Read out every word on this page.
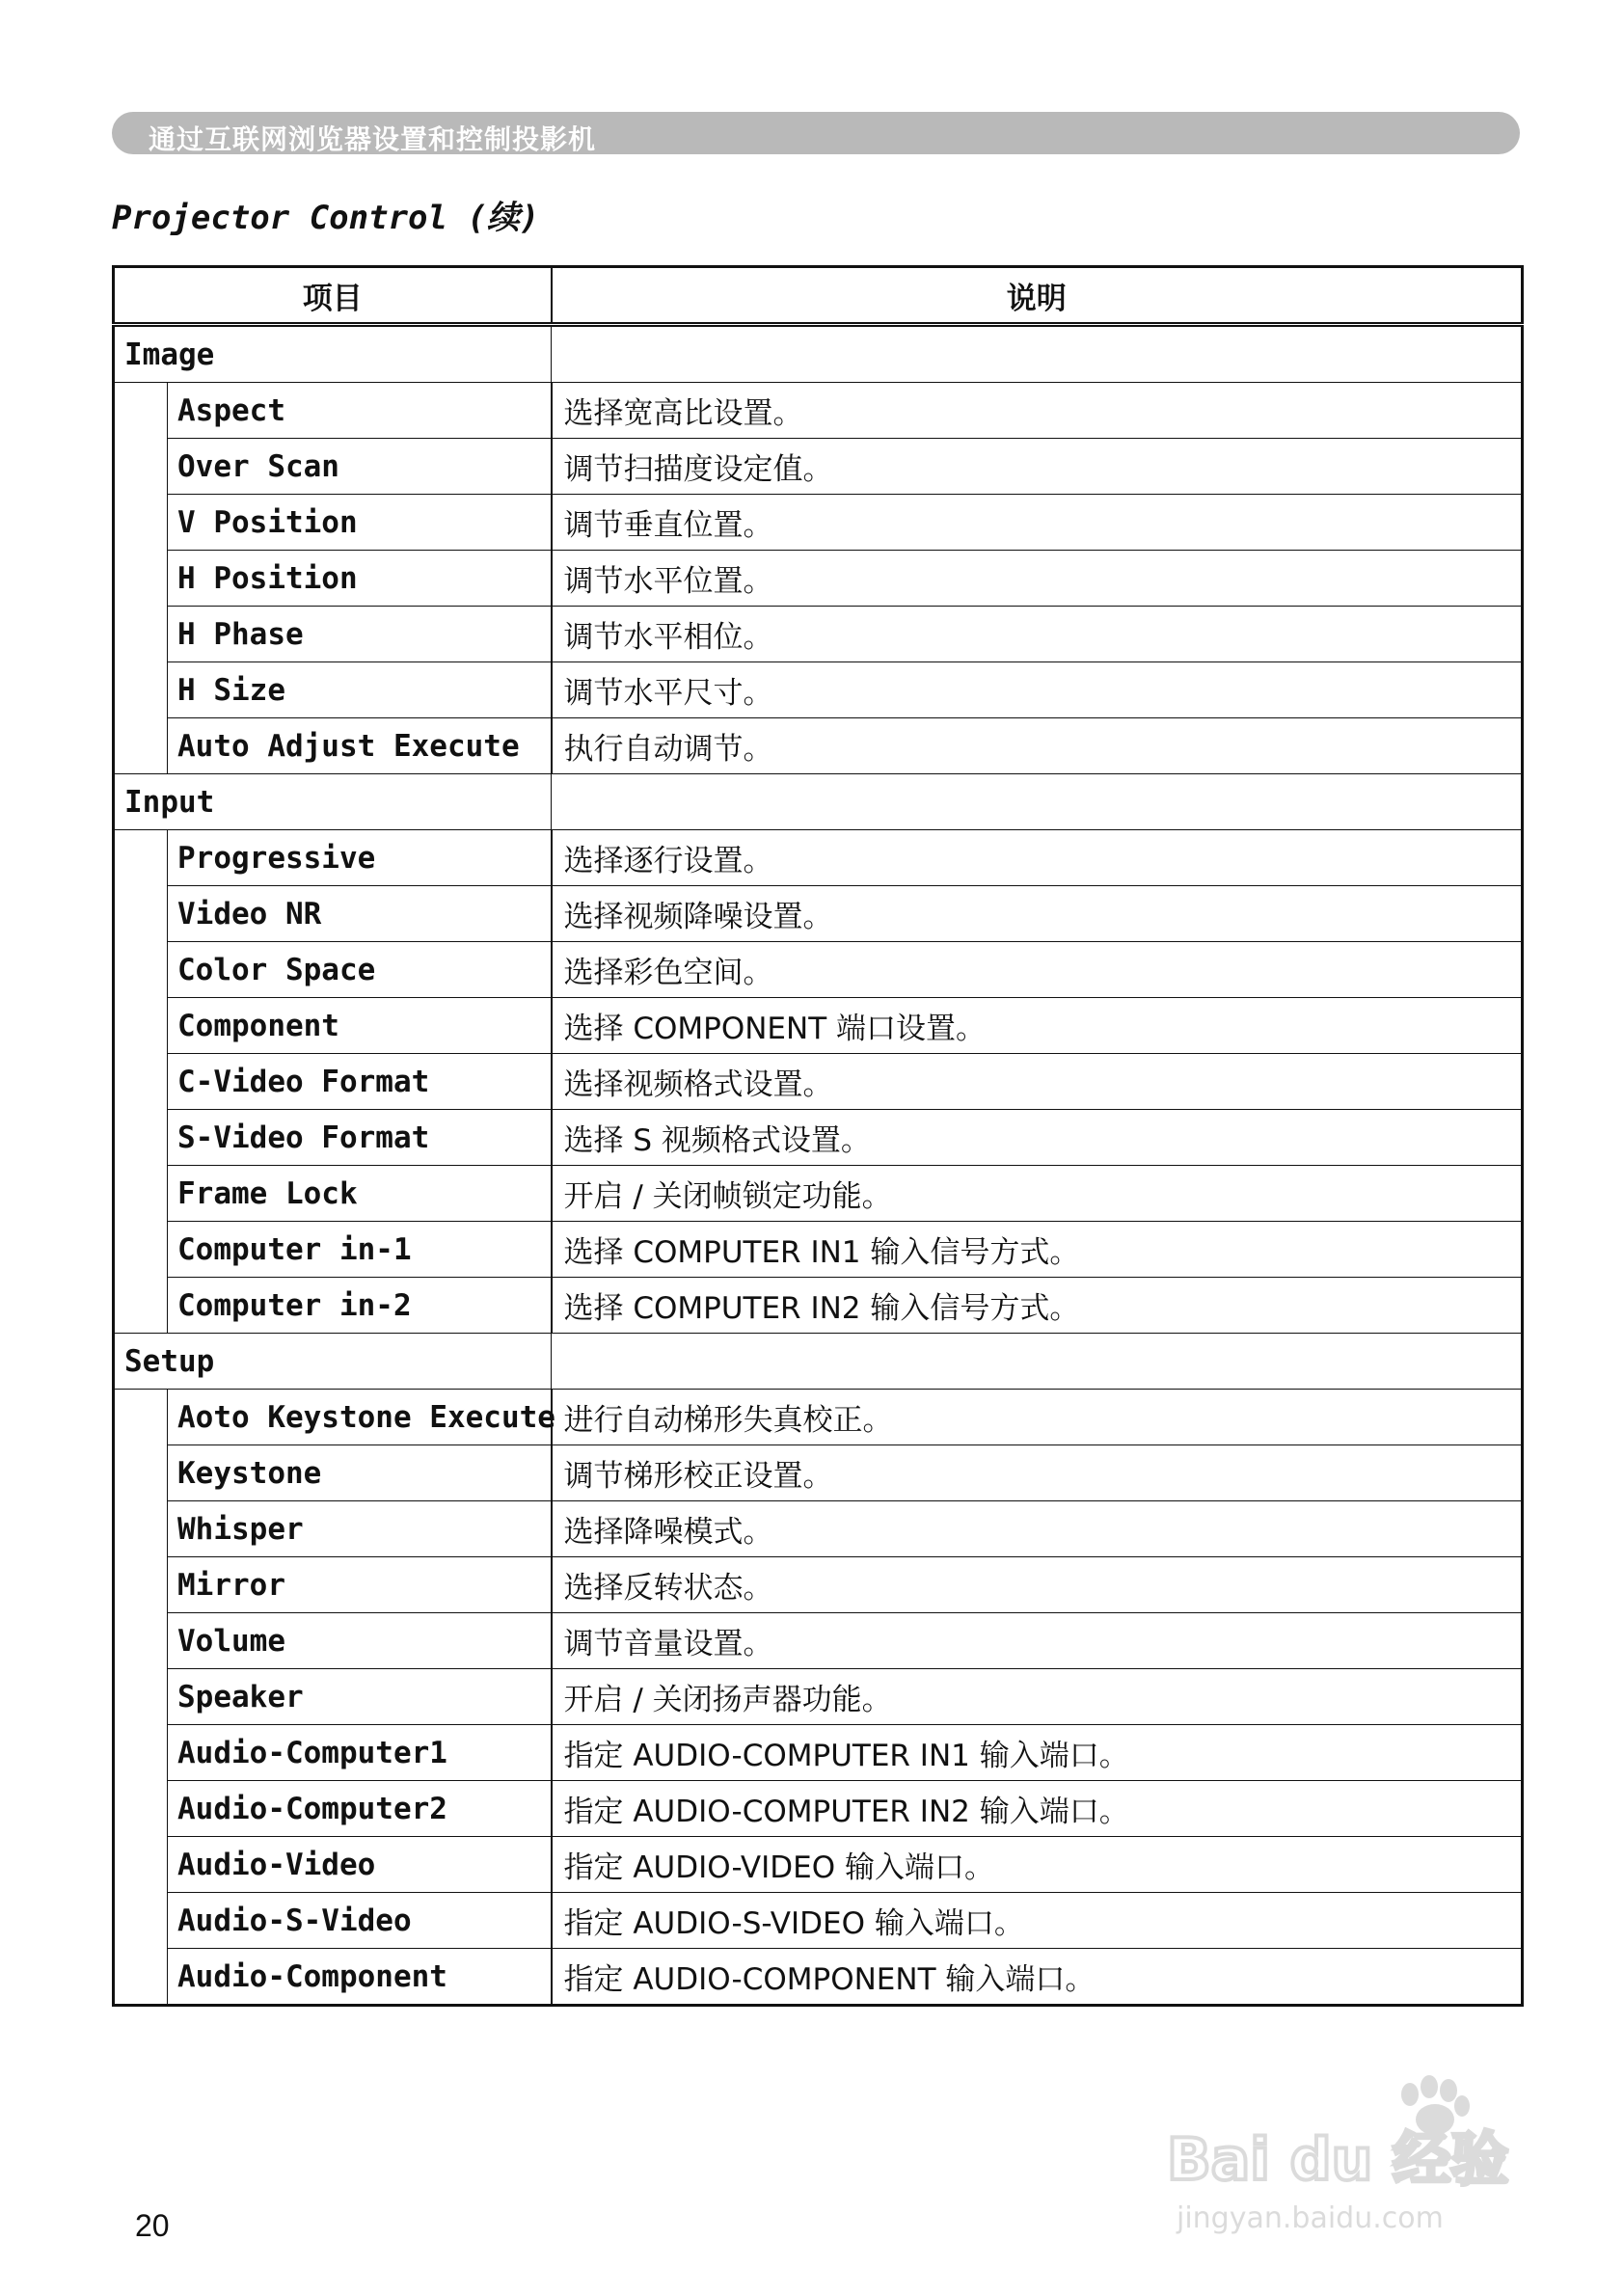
通过互联网浏览器设置和控制投影机
Projector Control (续)
项目		说明
Image		
	Aspect	选择宽高比设置。
	Over Scan	调节扫描度设定值。
	V Position	调节垂直位置。
	H Position	调节水平位置。
	H Phase	调节水平相位。
	H Size	调节水平尺寸。
	Auto Adjust Execute	执行自动调节。
Input		
	Progressive	选择逐行设置。
	Video NR	选择视频降噪设置。
	Color Space	选择彩色空间。
	Component	选择 COMPONENT 端口设置。
	C-Video Format	选择视频格式设置。
	S-Video Format	选择 S 视频格式设置。
	Frame Lock	开启 / 关闭帧锁定功能。
	Computer in-1	选择 COMPUTER IN1 输入信号方式。
	Computer in-2	选择 COMPUTER IN2 输入信号方式。
Setup		
	Aoto Keystone Execute	进行自动梯形失真校正。
	Keystone	调节梯形校正设置。
	Whisper	选择降噪模式。
	Mirror	选择反转状态。
	Volume	调节音量设置。
	Speaker	开启 / 关闭扬声器功能。
	Audio-Computer1	指定 AUDIO-COMPUTER IN1 输入端口。
	Audio-Computer2	指定 AUDIO-COMPUTER IN2 输入端口。
	Audio-Video	指定 AUDIO-VIDEO 输入端口。
	Audio-S-Video	指定 AUDIO-S-VIDEO 输入端口。
	Audio-Component	指定 AUDIO-COMPONENT 输入端口。
20
Bai du 经验
jingyan.baidu.com
